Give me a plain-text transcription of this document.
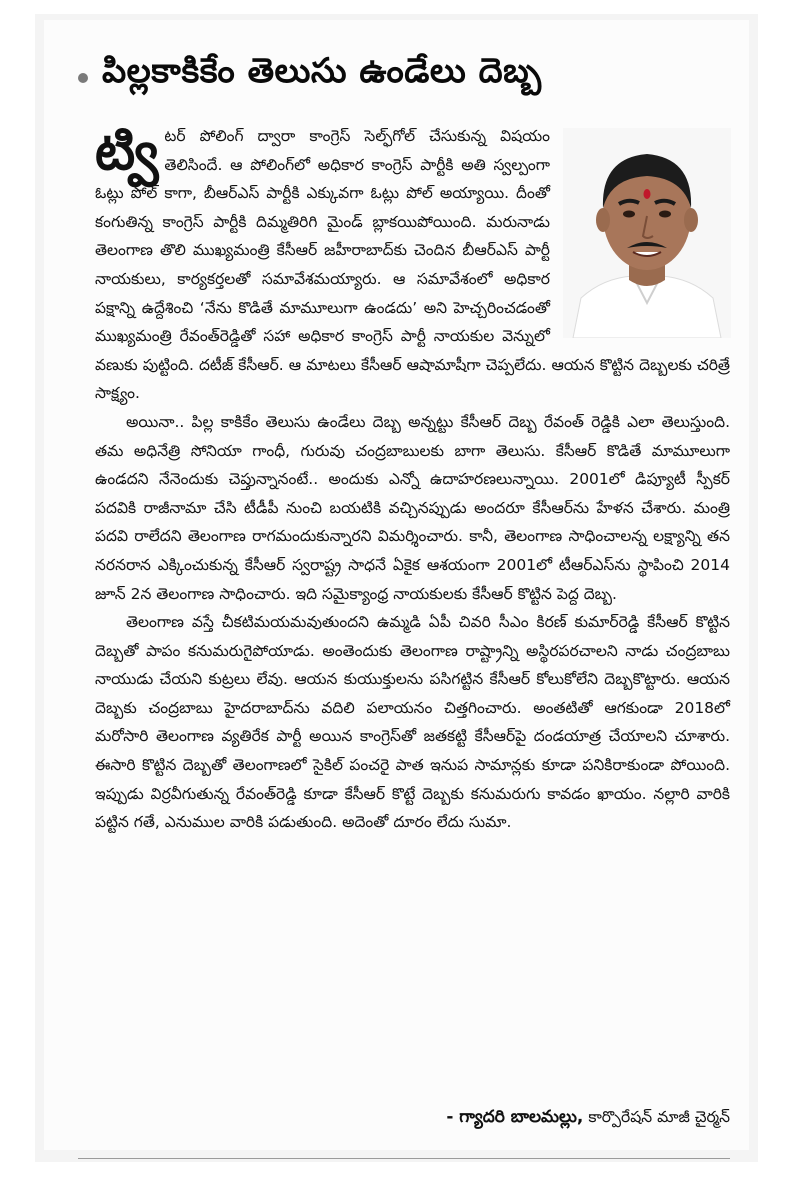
పిల్లకాకికేం తెలుసు ఉండేలు దెబ్బ

ట్వి టర్ పోలింగ్ ద్వారా కాంగ్రెస్ సెల్ఫ్‌గోల్ చేసుకున్న విషయం తెలిసిందే. ఆ పోలింగ్‌లో అధికార కాంగ్రెస్ పార్టీకి అతి స్వల్పంగా ఓట్లు పోల్ కాగా, బీఆర్ఎస్ పార్టీకి ఎక్కువగా ఓట్లు పోల్ అయ్యాయి. దీంతో కంగుతిన్న కాంగ్రెస్ పార్టీకి దిమ్మతిరిగి మైండ్ బ్లాకయిపోయింది. మరునాడు తెలంగాణ తొలి ముఖ్యమంత్రి కేసీఆర్ జహీరాబాద్‌కు చెందిన బీఆర్ఎస్ పార్టీ నాయకులు, కార్యకర్తలతో సమావేశమయ్యారు. ఆ సమావేశంలో అధికార పక్షాన్ని ఉద్దేశించి ‘నేను కొడితే మామూలుగా ఉండదు’ అని హెచ్చరించడంతో ముఖ్యమంత్రి రేవంత్‌రెడ్డితో సహా అధికార కాంగ్రెస్ పార్టీ నాయకుల వెన్నులో వణుకు పుట్టింది. దటీజ్ కేసీఆర్. ఆ మాటలు కేసీఆర్ ఆషామాషీగా చెప్పలేదు. ఆయన కొట్టిన దెబ్బలకు చరిత్రే సాక్ష్యం.

అయినా.. పిల్ల కాకికేం తెలుసు ఉండేలు దెబ్బ అన్నట్టు కేసీఆర్ దెబ్బ రేవంత్ రెడ్డికి ఎలా తెలుస్తుంది. తమ అధినేత్రి సోనియా గాంధీ, గురువు చంద్రబాబులకు బాగా తెలుసు. కేసీఆర్ కొడితే మామూలుగా ఉండదని నేనెందుకు చెప్తున్నానంటే.. అందుకు ఎన్నో ఉదాహరణలున్నాయి. 2001లో డిప్యూటీ స్పీకర్ పదవికి రాజీనామా చేసి టీడీపీ నుంచి బయటికి వచ్చినప్పుడు అందరూ కేసీఆర్‌ను హేళన చేశారు. మంత్రి పదవి రాలేదని తెలంగాణ రాగమందుకున్నారని విమర్శించారు. కానీ, తెలంగాణ సాధించాలన్న లక్ష్యాన్ని తన నరనరాన ఎక్కించుకున్న కేసీఆర్ స్వరాష్ట్ర సాధనే ఏకైక ఆశయంగా 2001లో టీఆర్ఎస్‌ను స్థాపించి 2014 జూన్ 2న తెలంగాణ సాధించారు. ఇది సమైక్యాంధ్ర నాయకులకు కేసీఆర్ కొట్టిన పెద్ద దెబ్బ.

తెలంగాణ వస్తే చీకటిమయమవుతుందని ఉమ్మడి ఏపీ చివరి సీఎం కిరణ్ కుమార్‌రెడ్డి కేసీఆర్ కొట్టిన దెబ్బతో పాపం కనుమరుగైపోయాడు. అంతెందుకు తెలంగాణ రాష్ట్రాన్ని అస్థిరపరచాలని నాడు చంద్రబాబు నాయుడు చేయని కుట్రలు లేవు. ఆయన కుయుక్తులను పసిగట్టిన కేసీఆర్ కోలుకోలేని దెబ్బకొట్టారు. ఆయన దెబ్బకు చంద్రబాబు హైదరాబాద్‌ను వదిలి పలాయనం చిత్తగించారు. అంతటితో ఆగకుండా 2018లో మరోసారి తెలంగాణ వ్యతిరేక పార్టీ అయిన కాంగ్రెస్‌తో జతకట్టి కేసీఆర్‌పై దండయాత్ర చేయాలని చూశారు. ఈసారి కొట్టిన దెబ్బతో తెలంగాణలో సైకిల్ పంచరై పాత ఇనుప సామాన్లకు కూడా పనికిరాకుండా పోయింది. ఇప్పుడు విర్రవీగుతున్న రేవంత్‌రెడ్డి కూడా కేసీఆర్ కొట్టే దెబ్బకు కనుమరుగు కావడం ఖాయం. నల్లారి వారికి పట్టిన గతే, ఎనుముల వారికి పడుతుంది. అదెంతో దూరం లేదు సుమా.

- గ్యాదరి బాలమల్లు, కార్పొరేషన్ మాజీ చైర్మన్
